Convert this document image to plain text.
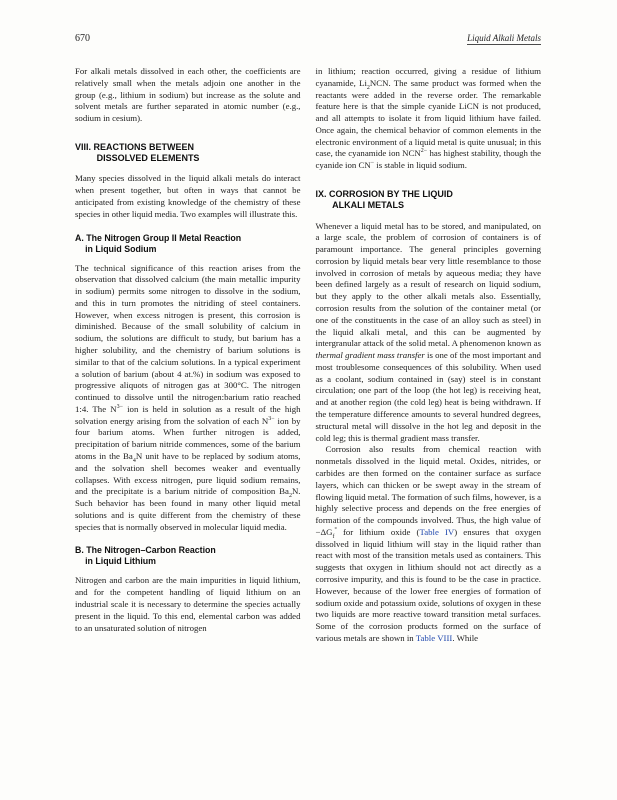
670	Liquid Alkali Metals

For alkali metals dissolved in each other, the coefficients are relatively small when the metals adjoin one another in the group (e.g., lithium in sodium) but increase as the solute and solvent metals are further separated in atomic number (e.g., sodium in cesium).

VIII. REACTIONS BETWEEN
DISSOLVED ELEMENTS

Many species dissolved in the liquid alkali metals do interact when present together, but often in ways that cannot be anticipated from existing knowledge of the chemistry of these species in other liquid media. Two examples will illustrate this.

A. The Nitrogen Group II Metal Reaction
in Liquid Sodium

The technical significance of this reaction arises from the observation that dissolved calcium (the main metallic impurity in sodium) permits some nitrogen to dissolve in the sodium, and this in turn promotes the nitriding of steel containers. However, when excess nitrogen is present, this corrosion is diminished. Because of the small solubility of calcium in sodium, the solutions are difficult to study, but barium has a higher solubility, and the chemistry of barium solutions is similar to that of the calcium solutions. In a typical experiment a solution of barium (about 4 at.%) in sodium was exposed to progressive aliquots of nitrogen gas at 300°C. The nitrogen continued to dissolve until the nitrogen:barium ratio reached 1:4. The $N^{3-}$ ion is held in solution as a result of the high solvation energy arising from the solvation of each $N^{3-}$ ion by four barium atoms. When further nitrogen is added, precipitation of barium nitride commences, some of the barium atoms in the $Ba_4N$ unit have to be replaced by sodium atoms, and the solvation shell becomes weaker and eventually collapses. With excess nitrogen, pure liquid sodium remains, and the precipitate is a barium nitride of composition $Ba_2N$. Such behavior has been found in many other liquid metal solutions and is quite different from the chemistry of these species that is normally observed in molecular liquid media.

B. The Nitrogen–Carbon Reaction
in Liquid Lithium

Nitrogen and carbon are the main impurities in liquid lithium, and for the competent handling of liquid lithium on an industrial scale it is necessary to determine the species actually present in the liquid. To this end, elemental carbon was added to an unsaturated solution of nitrogen

in lithium; reaction occurred, giving a residue of lithium cyanamide, $Li_2NCN$. The same product was formed when the reactants were added in the reverse order. The remarkable feature here is that the simple cyanide LiCN is not produced, and all attempts to isolate it from liquid lithium have failed. Once again, the chemical behavior of common elements in the electronic environment of a liquid metal is quite unusual; in this case, the cyanamide ion $NCN^{2-}$ has highest stability, though the cyanide ion CN− is stable in liquid sodium.

IX. CORROSION BY THE LIQUID
ALKALI METALS

Whenever a liquid metal has to be stored, and manipulated, on a large scale, the problem of corrosion of containers is of paramount importance. The general principles governing corrosion by liquid metals bear very little resemblance to those involved in corrosion of metals by aqueous media; they have been defined largely as a result of research on liquid sodium, but they apply to the other alkali metals also. Essentially, corrosion results from the solution of the container metal (or one of the constituents in the case of an alloy such as steel) in the liquid alkali metal, and this can be augmented by intergranular attack of the solid metal. A phenomenon known as thermal gradient mass transfer is one of the most important and most troublesome consequences of this solubility. When used as a coolant, sodium contained in (say) steel is in constant circulation; one part of the loop (the hot leg) is receiving heat, and at another region (the cold leg) heat is being withdrawn. If the temperature difference amounts to several hundred degrees, structural metal will dissolve in the hot leg and deposit in the cold leg; this is thermal gradient mass transfer.

Corrosion also results from chemical reaction with nonmetals dissolved in the liquid metal. Oxides, nitrides, or carbides are then formed on the container surface as surface layers, which can thicken or be swept away in the stream of flowing liquid metal. The formation of such films, however, is a highly selective process and depends on the free energies of formation of the compounds involved. Thus, the high value of $-\Delta G_f^\circ$ for lithium oxide (Table IV) ensures that oxygen dissolved in liquid lithium will stay in the liquid rather than react with most of the transition metals used as containers. This suggests that oxygen in lithium should not act directly as a corrosive impurity, and this is found to be the case in practice. However, because of the lower free energies of formation of sodium oxide and potassium oxide, solutions of oxygen in these two liquids are more reactive toward transition metal surfaces. Some of the corrosion products formed on the surface of various metals are shown in Table VIII. While
